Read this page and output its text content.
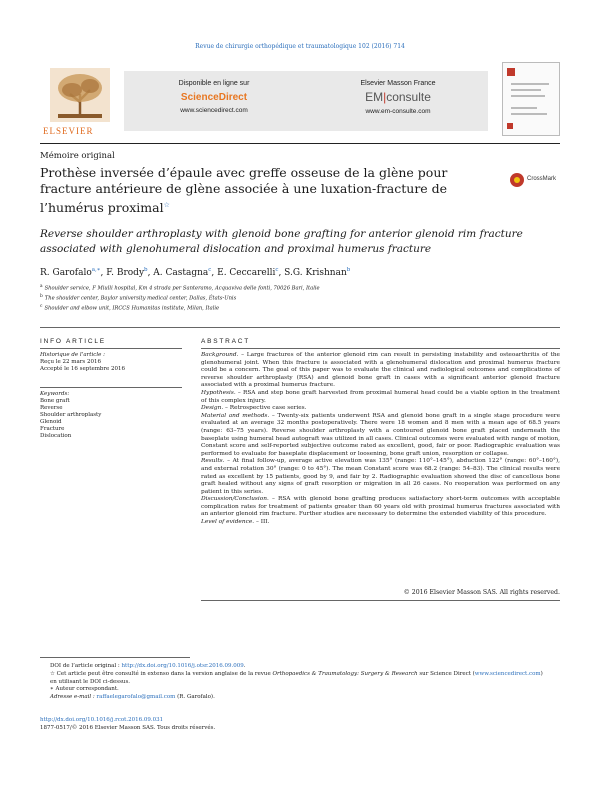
Revue de chirurgie orthopédique et traumatologique 102 (2016) 714
ELSEVIER
Disponible en ligne sur
ScienceDirect
www.sciencedirect.com
Elsevier Masson France
EM|consulte
www.em-consulte.com
Mémoire original
Prothèse inversée d’épaule avec greffe osseuse de la glène pour fracture antérieure de glène associée à une luxation-fracture de l’humérus proximal☆
CrossMark
Reverse shoulder arthroplasty with glenoid bone grafting for anterior glenoid rim fracture associated with glenohumeral dislocation and proximal humerus fracture
R. Garofalo$^{a,∗}$, F. Brody$^b$, A. Castagna$^c$, E. Ceccarelli$^c$, S.G. Krishnan$^b$
$^a$ Shoulder service, F Miulli hospital, Km 4 strada per Santeramo, Acquaviva delle fonti, 70026 Bari, Italie
$^b$ The shoulder center, Baylor university medical center, Dallas, États-Unis
$^c$ Shoulder and elbow unit, IRCCS Humanitas institute, Milan, Italie
INFO ARTICLE	ABSTRACT
Historique de l’article :
Reçu le 22 mars 2016
Accepté le 16 septembre 2016
Keywords:
Bone graft
Reverse
Shoulder arthroplasty
Glenoid
Fracture
Dislocation

Background. – Large fractures of the anterior glenoid rim can result in persisting instability and osteoarthritis of the glenohumeral joint. When this fracture is associated with a glenohumeral dislocation and proximal humerus fracture could be a concern. The goal of this paper was to evaluate the clinical and radiological outcomes and complications of reverse shoulder arthroplasty (RSA) and glenoid bone graft in cases with a significant anterior glenoid fracture associated with a proximal humerus fracture.

Hypothesis. – RSA and step bone graft harvested from proximal humeral head could be a viable option in the treatment of this complex injury.

Design. – Retrospective case series.

Material and methods. – Twenty-six patients underwent RSA and glenoid bone graft in a single stage procedure were evaluated at an average 32 months postoperatively. There were 18 women and 8 men with a mean age of 68.5 years (range: 63–75 years). Reverse shoulder arthroplasty with a contoured glenoid bone graft placed underneath the baseplate using humeral head autograft was utilized in all cases. Clinical outcomes were evaluated with range of motion, Constant score and self-reported subjective outcome rated as excellent, good, fair or poor. Radiographic evaluation was performed to evaluate for baseplate displacement or loosening, bone graft union, resorption or collapse.

Results. – At final follow-up, average active elevation was 135° (range: 110°–145°), abduction 122° (range: 60°–160°), and external rotation 30° (range: 0 to 45°). The mean Constant score was 68.2 (range: 54–83). The clinical results were rated as excellent by 15 patients, good by 9, and fair by 2. Radiographic evaluation showed the disc of cancellous bone graft healed without any signs of graft resorption or migration in all 26 cases. No reoperation was performed on any patient in this series.

Discussion/Conclusion. – RSA with glenoid bone grafting produces satisfactory short-term outcomes with acceptable complication rates for treatment of patients greater than 60 years old with proximal humerus fractures associated with an anterior glenoid rim fracture. Further studies are necessary to determine the extended viability of this procedure.

Level of evidence. – III.

© 2016 Elsevier Masson SAS. All rights reserved.
DOI de l’article original : http://dx.doi.org/10.1016/j.otsr.2016.09.009.
☆ Cet article peut être consulté in extenso dans la version anglaise de la revue Orthopaedics & Traumatology: Surgery & Research sur Science Direct (www.sciencedirect.com)
en utilisant le DOI ci-dessus.
∗ Auteur correspondant.
Adresse e-mail : raffaelegarofalo@gmail.com (R. Garofalo).
http://dx.doi.org/10.1016/j.rcot.2016.09.031
1877-0517/© 2016 Elsevier Masson SAS. Tous droits réservés.
